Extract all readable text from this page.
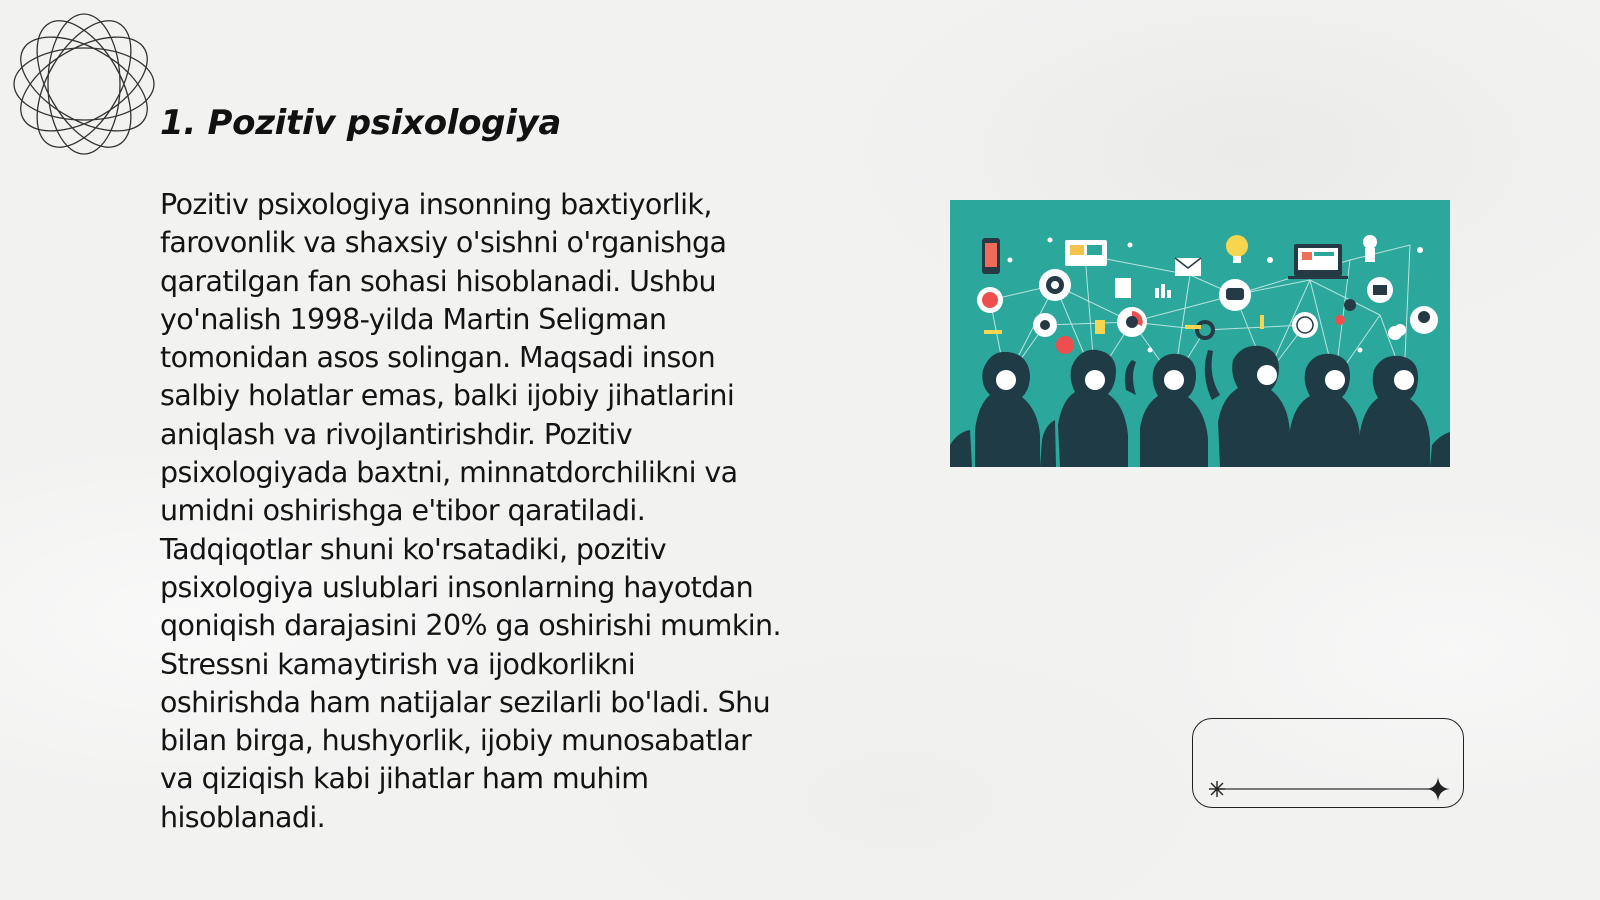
1. Pozitiv psixologiya
Pozitiv psixologiya insonning baxtiyorlik,
farovonlik va shaxsiy o'sishni o'rganishga
qaratilgan fan sohasi hisoblanadi. Ushbu
yo'nalish 1998-yilda Martin Seligman
tomonidan asos solingan. Maqsadi inson
salbiy holatlar emas, balki ijobiy jihatlarini
aniqlash va rivojlantirishdir. Pozitiv
psixologiyada baxtni, minnatdorchilikni va
umidni oshirishga e'tibor qaratiladi.
Tadqiqotlar shuni ko'rsatadiki, pozitiv
psixologiya uslublari insonlarning hayotdan
qoniqish darajasini 20% ga oshirishi mumkin.
Stressni kamaytirish va ijodkorlikni
oshirishda ham natijalar sezilarli bo'ladi. Shu
bilan birga, hushyorlik, ijobiy munosabatlar
va qiziqish kabi jihatlar ham muhim
hisoblanadi.
